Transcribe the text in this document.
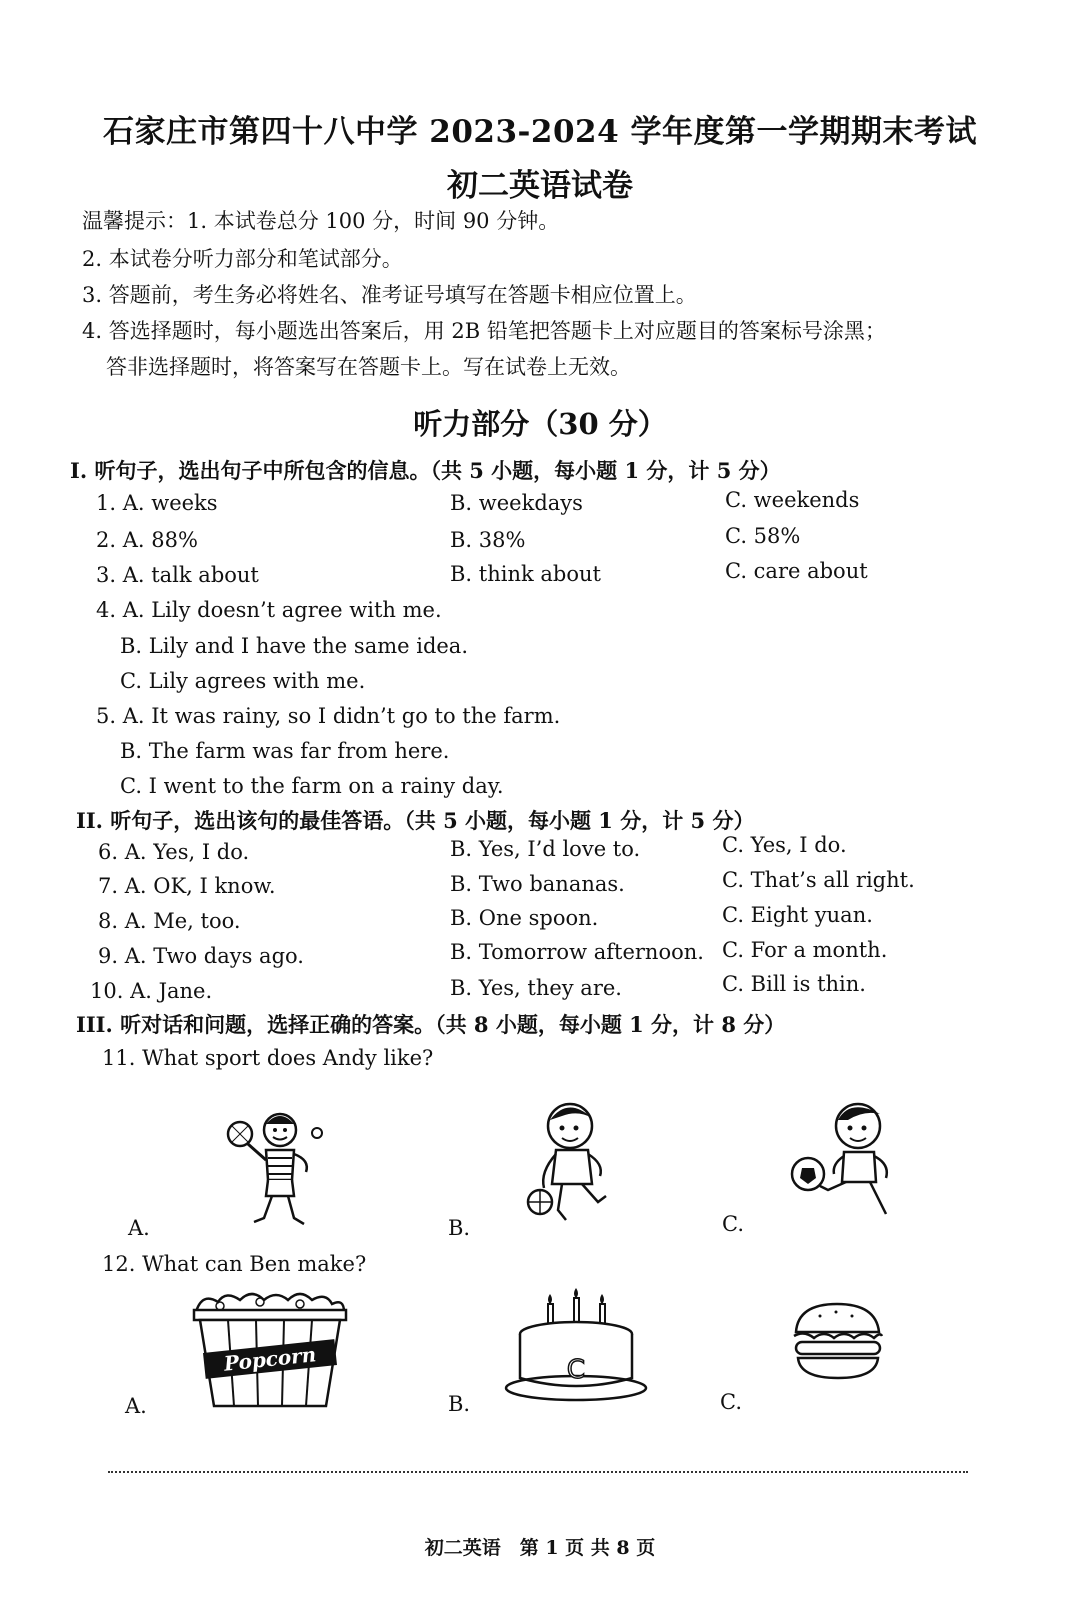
石家庄市第四十八中学 2023-2024 学年度第一学期期末考试
初二英语试卷
温馨提示：1. 本试卷总分 100 分，时间 90 分钟。
2. 本试卷分听力部分和笔试部分。
3. 答题前，考生务必将姓名、准考证号填写在答题卡相应位置上。
4. 答选择题时，每小题选出答案后，用 2B 铅笔把答题卡上对应题目的答案标号涂黑；
答非选择题时，将答案写在答题卡上。写在试卷上无效。
听力部分（30 分）
I. 听句子，选出句子中所包含的信息。（共 5 小题，每小题 1 分，计 5 分）
1. A. weeks	B. weekdays	C. weekends
2. A. 88%	B. 38%	C. 58%
3. A. talk about	B. think about	C. care about
4. A. Lily doesn’t agree with me.
B. Lily and I have the same idea.
C. Lily agrees with me.
5. A. It was rainy, so I didn’t go to the farm.
B. The farm was far from here.
C. I went to the farm on a rainy day.
II. 听句子，选出该句的最佳答语。（共 5 小题，每小题 1 分，计 5 分）
6. A. Yes, I do.	B. Yes, I’d love to.	C. Yes, I do.
7. A. OK, I know.	B. Two bananas.	C. That’s all right.
8. A. Me, too.	B. One spoon.	C. Eight yuan.
9. A. Two days ago.	B. Tomorrow afternoon. C. For a month.
10. A. Jane.	B. Yes, they are.	C. Bill is thin.
III. 听对话和问题，选择正确的答案。（共 8 小题，每小题 1 分，计 8 分）
11. What sport does Andy like?
A.	B.	C.
12. What can Ben make?
Popcorn
A.
C
B.	C.
初二英语　第 1 页 共 8 页
